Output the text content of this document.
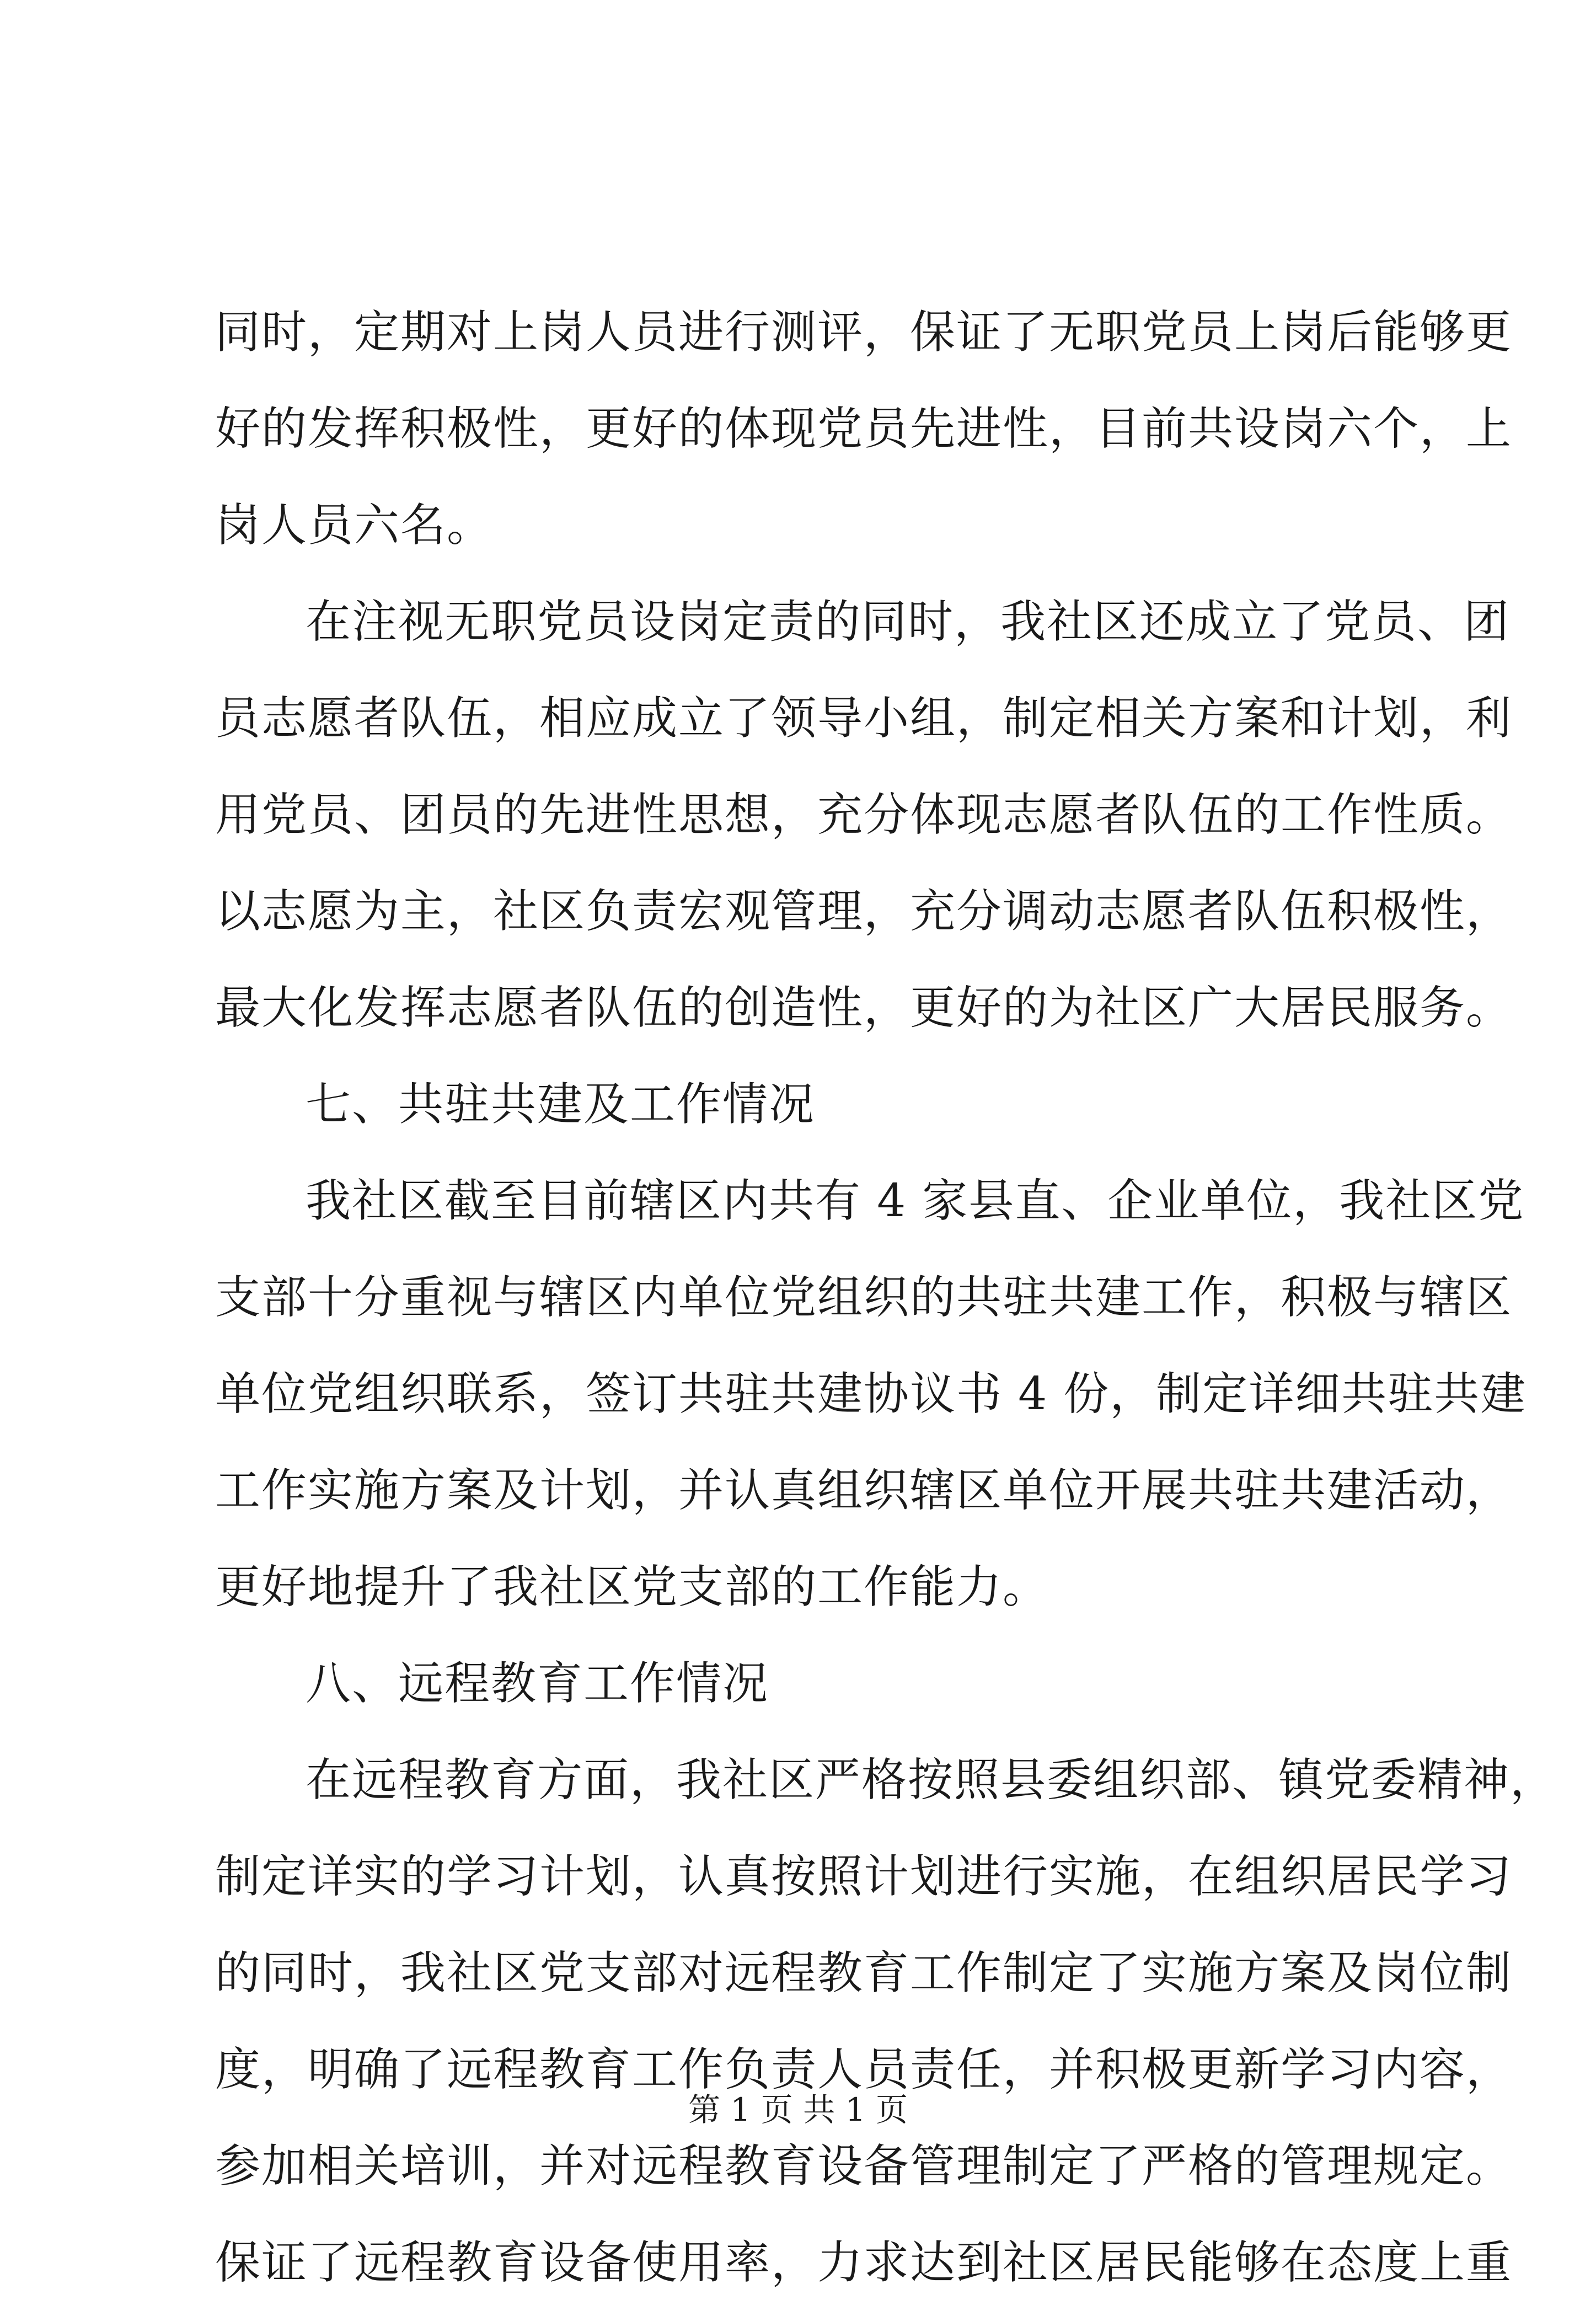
同时，定期对上岗人员进行测评，保证了无职党员上岗后能够更
好的发挥积极性，更好的体现党员先进性，目前共设岗六个，上
岗人员六名。
在注视无职党员设岗定责的同时，我社区还成立了党员、团
员志愿者队伍，相应成立了领导小组，制定相关方案和计划，利
用党员、团员的先进性思想，充分体现志愿者队伍的工作性质。
以志愿为主，社区负责宏观管理，充分调动志愿者队伍积极性，
最大化发挥志愿者队伍的创造性，更好的为社区广大居民服务。
七、共驻共建及工作情况
我社区截至目前辖区内共有 4 家县直、企业单位，我社区党
支部十分重视与辖区内单位党组织的共驻共建工作，积极与辖区
单位党组织联系，签订共驻共建协议书 4 份，制定详细共驻共建
工作实施方案及计划，并认真组织辖区单位开展共驻共建活动，
更好地提升了我社区党支部的工作能力。
八、远程教育工作情况
在远程教育方面，我社区严格按照县委组织部、镇党委精神，
制定详实的学习计划，认真按照计划进行实施，在组织居民学习
的同时，我社区党支部对远程教育工作制定了实施方案及岗位制
度，明确了远程教育工作负责人员责任，并积极更新学习内容，
参加相关培训，并对远程教育设备管理制定了严格的管理规定。
保证了远程教育设备使用率，力求达到社区居民能够在态度上重
第 1 页 共 1 页
